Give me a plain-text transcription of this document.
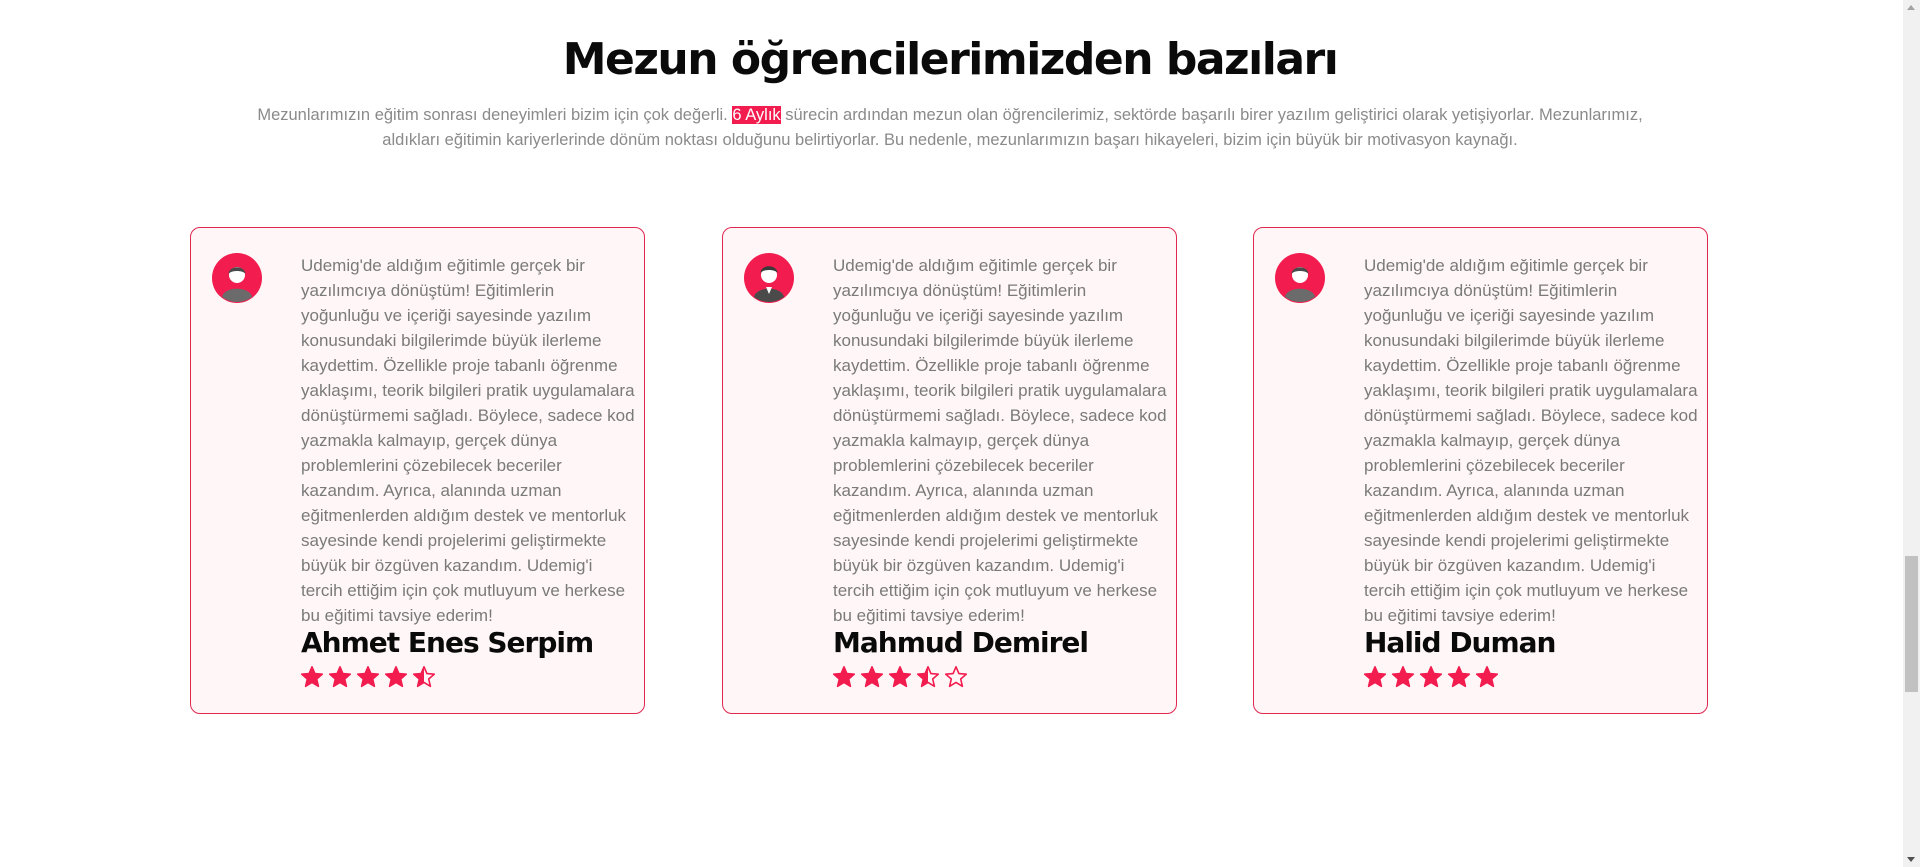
Mezun öğrencilerimizden bazıları

Mezunlarımızın eğitim sonrası deneyimleri bizim için çok değerli. 6 Aylık sürecin ardından mezun olan öğrencilerimiz, sektörde başarılı birer yazılım geliştirici olarak yetişiyorlar. Mezunlarımız, aldıkları eğitimin kariyerlerinde dönüm noktası olduğunu belirtiyorlar. Bu nedenle, mezunlarımızın başarı hikayeleri, bizim için büyük bir motivasyon kaynağı.

Udemig'de aldığım eğitimle gerçek bir yazılımcıya dönüştüm! Eğitimlerin yoğunluğu ve içeriği sayesinde yazılım konusundaki bilgilerimde büyük ilerleme kaydettim. Özellikle proje tabanlı öğrenme yaklaşımı, teorik bilgileri pratik uygulamalara dönüştürmemi sağladı. Böylece, sadece kod yazmakla kalmayıp, gerçek dünya problemlerini çözebilecek beceriler kazandım. Ayrıca, alanında uzman eğitmenlerden aldığım destek ve mentorluk sayesinde kendi projelerimi geliştirmekte büyük bir özgüven kazandım. Udemig'i tercih ettiğim için çok mutluyum ve herkese bu eğitimi tavsiye ederim!

Ahmet Enes Serpim

Udemig'de aldığım eğitimle gerçek bir yazılımcıya dönüştüm! Eğitimlerin yoğunluğu ve içeriği sayesinde yazılım konusundaki bilgilerimde büyük ilerleme kaydettim. Özellikle proje tabanlı öğrenme yaklaşımı, teorik bilgileri pratik uygulamalara dönüştürmemi sağladı. Böylece, sadece kod yazmakla kalmayıp, gerçek dünya problemlerini çözebilecek beceriler kazandım. Ayrıca, alanında uzman eğitmenlerden aldığım destek ve mentorluk sayesinde kendi projelerimi geliştirmekte büyük bir özgüven kazandım. Udemig'i tercih ettiğim için çok mutluyum ve herkese bu eğitimi tavsiye ederim!

Mahmud Demirel

Udemig'de aldığım eğitimle gerçek bir yazılımcıya dönüştüm! Eğitimlerin yoğunluğu ve içeriği sayesinde yazılım konusundaki bilgilerimde büyük ilerleme kaydettim. Özellikle proje tabanlı öğrenme yaklaşımı, teorik bilgileri pratik uygulamalara dönüştürmemi sağladı. Böylece, sadece kod yazmakla kalmayıp, gerçek dünya problemlerini çözebilecek beceriler kazandım. Ayrıca, alanında uzman eğitmenlerden aldığım destek ve mentorluk sayesinde kendi projelerimi geliştirmekte büyük bir özgüven kazandım. Udemig'i tercih ettiğim için çok mutluyum ve herkese bu eğitimi tavsiye ederim!

Halid Duman
